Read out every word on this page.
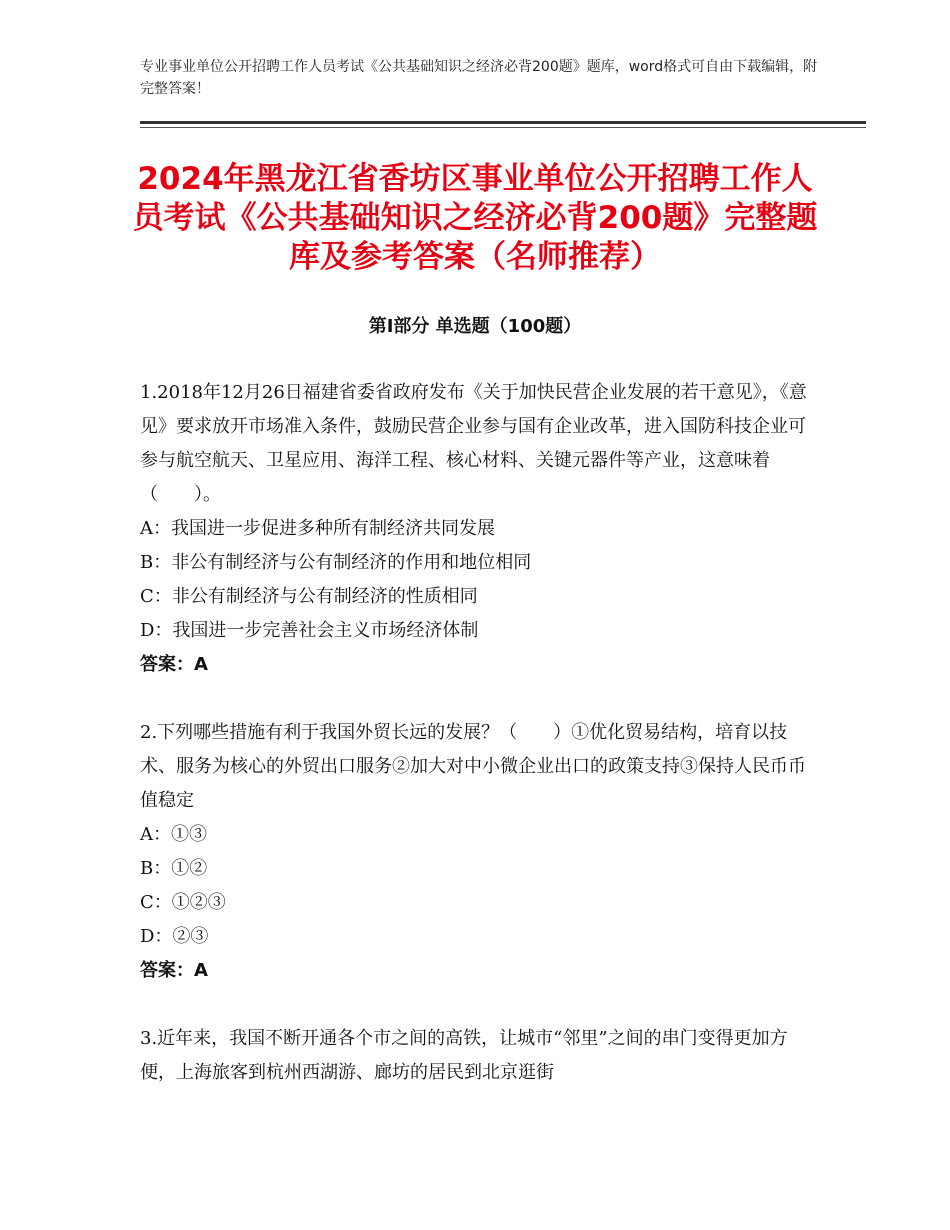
专业事业单位公开招聘工作人员考试《公共基础知识之经济必背200题》题库，word格式可自由下载编辑，附完整答案！
2024年黑龙江省香坊区事业单位公开招聘工作人员考试《公共基础知识之经济必背200题》完整题库及参考答案（名师推荐）
第Ⅰ部分 单选题（100题）

1.2018年12月26日福建省委省政府发布《关于加快民营企业发展的若干意见》，《意见》要求放开市场准入条件，鼓励民营企业参与国有企业改革，进入国防科技企业可参与航空航天、卫星应用、海洋工程、核心材料、关键元器件等产业，这意味着（　　）。

A：我国进一步促进多种所有制经济共同发展

B：非公有制经济与公有制经济的作用和地位相同

C：非公有制经济与公有制经济的性质相同

D：我国进一步完善社会主义市场经济体制

答案：A

2.下列哪些措施有利于我国外贸长远的发展？（　　）①优化贸易结构，培育以技术、服务为核心的外贸出口服务②加大对中小微企业出口的政策支持③保持人民币币值稳定

A：①③

B：①②

C：①②③

D：②③

答案：A

3.近年来，我国不断开通各个市之间的高铁，让城市“邻里”之间的串门变得更加方便，上海旅客到杭州西湖游、廊坊的居民到北京逛街
